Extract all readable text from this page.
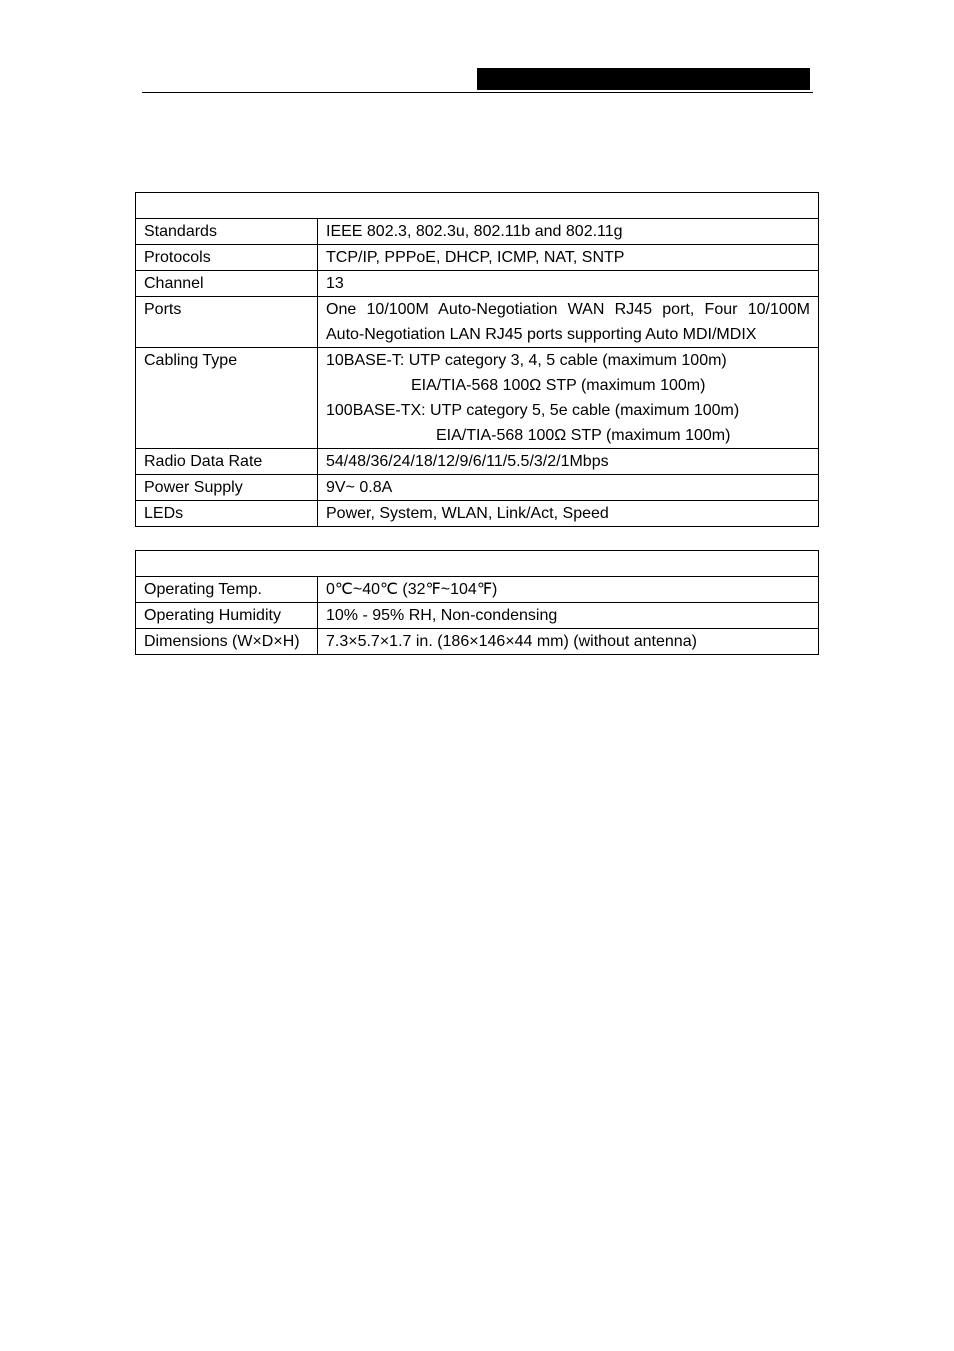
Standards	IEEE 802.3, 802.3u, 802.11b and 802.11g
Protocols	TCP/IP, PPPoE, DHCP, ICMP, NAT, SNTP
Channel	13
Ports	One 10/100M Auto-Negotiation WAN RJ45 port, Four 10/100M Auto-Negotiation LAN RJ45 ports supporting Auto MDI/MDIX
Cabling Type	10BASE-T: UTP category 3, 4, 5 cable (maximum 100m)
EIA/TIA-568 100Ω STP (maximum 100m)
100BASE-TX: UTP category 5, 5e cable (maximum 100m)
EIA/TIA-568 100Ω STP (maximum 100m)

Radio Data Rate	54/48/36/24/18/12/9/6/11/5.5/3/2/1Mbps
Power Supply	9V~ 0.8A
LEDs	Power, System, WLAN, Link/Act, Speed

Operating Temp.	0℃~40℃ (32℉~104℉)
Operating Humidity	10% - 95% RH, Non-condensing
Dimensions (W×D×H)	7.3×5.7×1.7 in. (186×146×44 mm) (without antenna)
